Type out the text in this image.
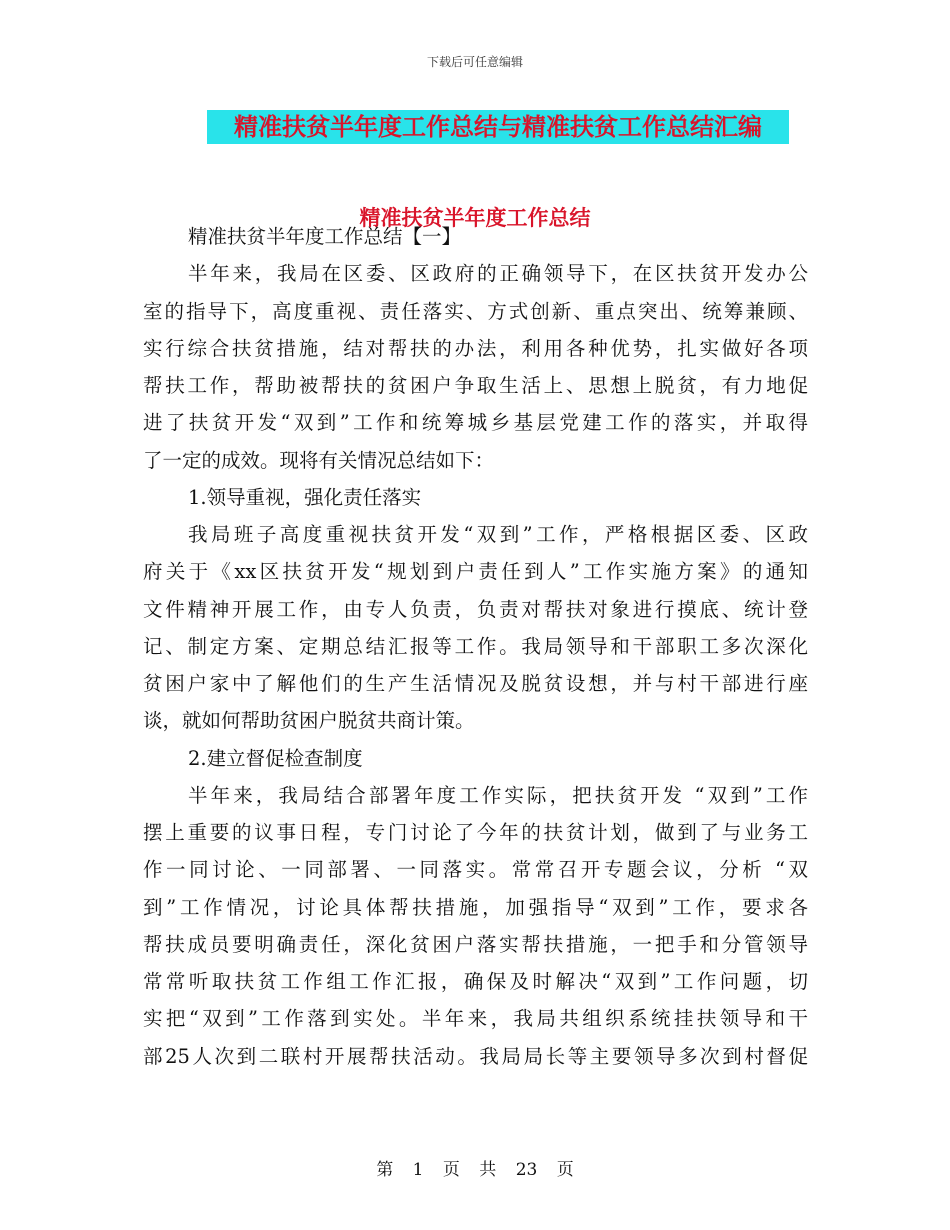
下载后可任意编辑
精准扶贫半年度工作总结与精准扶贫工作总结汇编
精准扶贫半年度工作总结
精准扶贫半年度工作总结【一】
半年来，我局在区委、区政府的正确领导下，在区扶贫开发办公
室的指导下，高度重视、责任落实、方式创新、重点突出、统筹兼顾、
实行综合扶贫措施，结对帮扶的办法，利用各种优势，扎实做好各项
帮扶工作，帮助被帮扶的贫困户争取生活上、思想上脱贫，有力地促
进了扶贫开发“双到”工作和统筹城乡基层党建工作的落实，并取得
了一定的成效。现将有关情况总结如下：
1.领导重视，强化责任落实
我局班子高度重视扶贫开发“双到”工作，严格根据区委、区政
府关于《xx区扶贫开发“规划到户责任到人”工作实施方案》的通知
文件精神开展工作，由专人负责，负责对帮扶对象进行摸底、统计登
记、制定方案、定期总结汇报等工作。我局领导和干部职工多次深化
贫困户家中了解他们的生产生活情况及脱贫设想，并与村干部进行座
谈，就如何帮助贫困户脱贫共商计策。
2.建立督促检查制度
半年来，我局结合部署年度工作实际，把扶贫开发 “双到”工作
摆上重要的议事日程，专门讨论了今年的扶贫计划，做到了与业务工
作一同讨论、一同部署、一同落实。常常召开专题会议，分析 “双
到”工作情况，讨论具体帮扶措施，加强指导“双到”工作，要求各
帮扶成员要明确责任，深化贫困户落实帮扶措施，一把手和分管领导
常常听取扶贫工作组工作汇报，确保及时解决“双到”工作问题，切
实把“双到”工作落到实处。半年来，我局共组织系统挂扶领导和干
部25人次到二联村开展帮扶活动。我局局长等主要领导多次到村督促
第 1 页 共 23 页
